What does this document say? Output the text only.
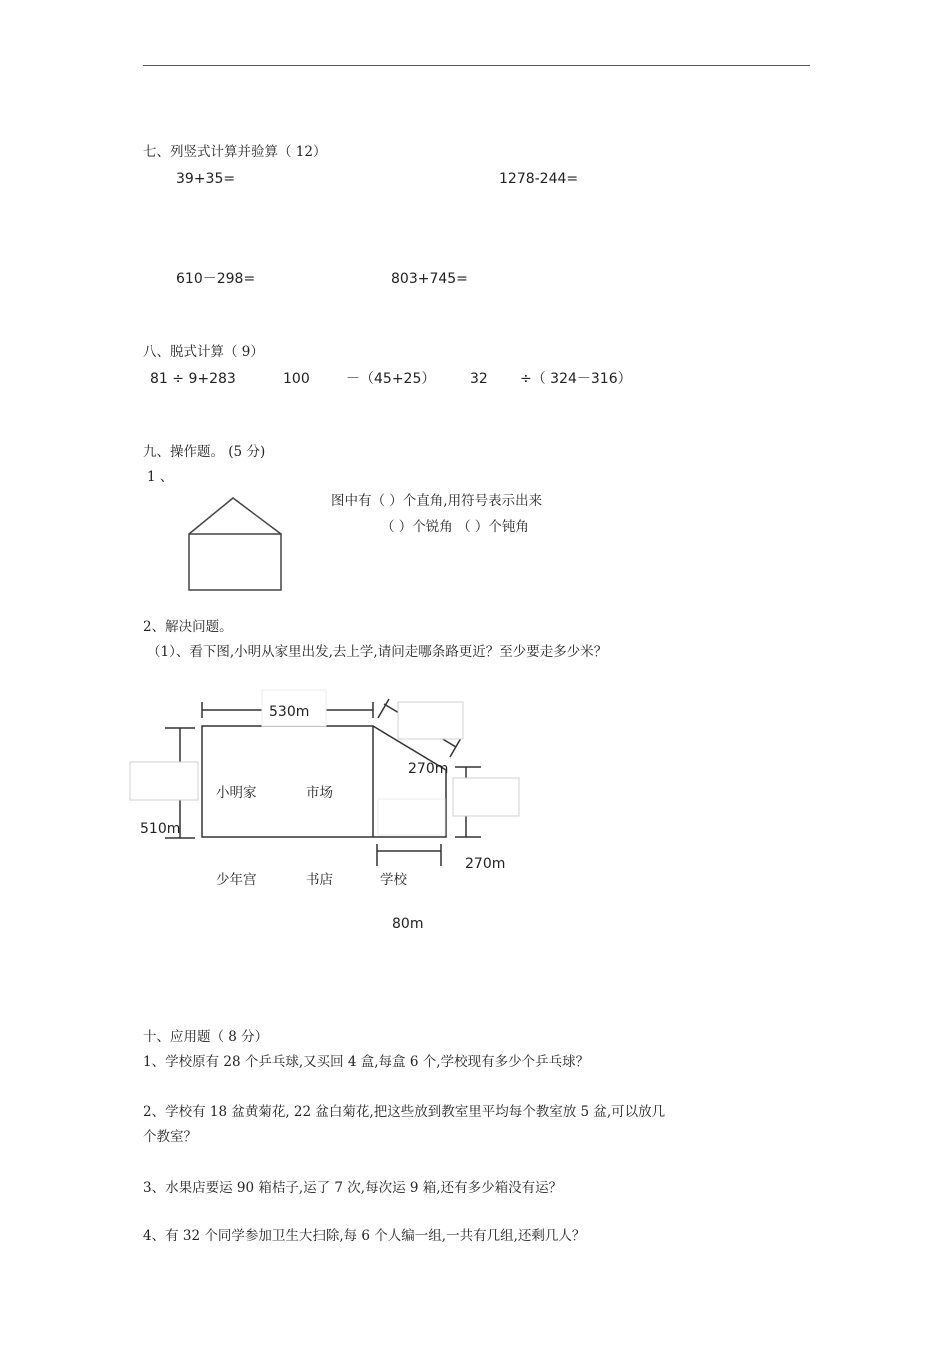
七、列竖式计算并验算（ 12）
39+35=	1278-244=
610－298=	803+745=
八、脱式计算（ 9）
81 ÷ 9+283	100	－（45+25） 32 ÷（ 324－316）
九、操作题。 (5 分)
1 、
图中有（ ）个直角,用符号表示出来
（ ）个锐角 （ ）个钝角
2、解决问题。
（1）、看下图,小明从家里出发,去上学,请问走哪条路更近？至少要走多少米？
530m
270m
510m
270m
80m
小明家	市场
少年宫	书店	学校
十、应用题（ 8 分）
1、学校原有 28 个乒乓球,又买回 4 盒,每盒 6 个,学校现有多少个乒乓球？
2、学校有 18 盆黄菊花, 22 盆白菊花,把这些放到教室里平均每个教室放 5 盆,可以放几
个教室？
3、水果店要运 90 箱桔子,运了 7 次,每次运 9 箱,还有多少箱没有运？
4、有 32 个同学参加卫生大扫除,每 6 个人编一组,一共有几组,还剩几人？
